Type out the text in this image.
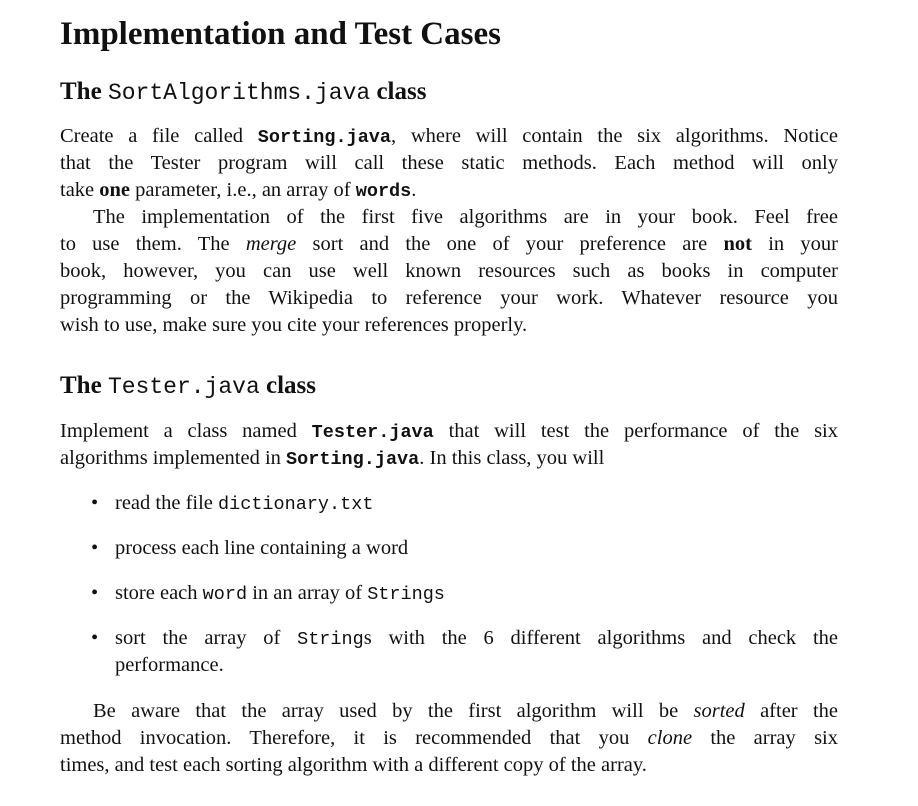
Implementation and Test Cases
The SortAlgorithms.java class
Create a file called Sorting.java, where will contain the six algorithms. Notice
that the Tester program will call these static methods. Each method will only
take one parameter, i.e., an array of words.
The implementation of the first five algorithms are in your book. Feel free
to use them. The merge sort and the one of your preference are not in your
book, however, you can use well known resources such as books in computer
programming or the Wikipedia to reference your work. Whatever resource you
wish to use, make sure you cite your references properly.
The Tester.java class
Implement a class named Tester.java that will test the performance of the six
algorithms implemented in Sorting.java. In this class, you will
• read the file dictionary.txt
• process each line containing a word
• store each word in an array of Strings
• sort the array of Strings with the 6 different algorithms and check the
performance.
Be aware that the array used by the first algorithm will be sorted after the
method invocation. Therefore, it is recommended that you clone the array six
times, and test each sorting algorithm with a different copy of the array.
